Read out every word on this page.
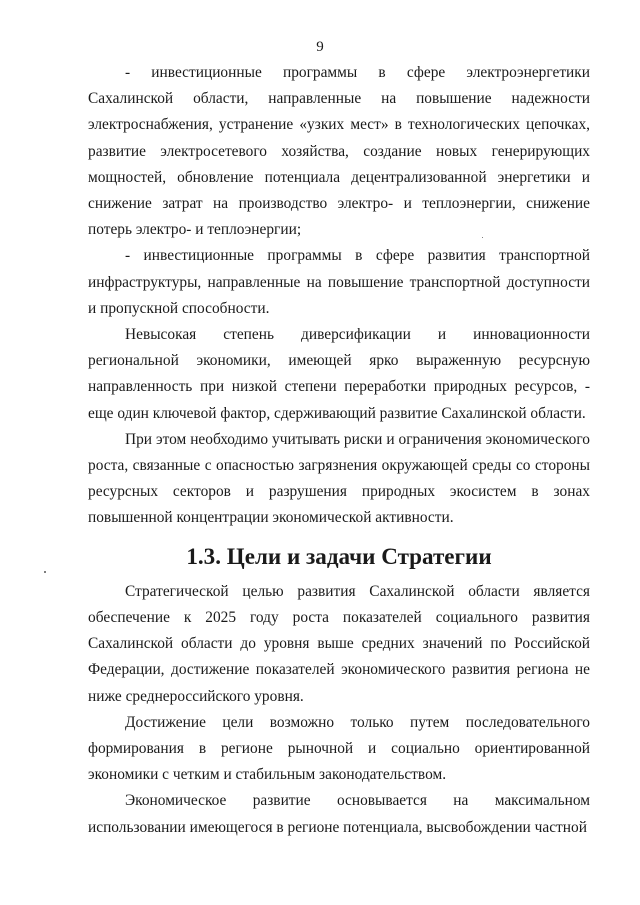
9

- инвестиционные программы в сфере электроэнергетики Сахалинской области, направленные на повышение надежности электроснабжения, устранение «узких мест» в технологических цепочках, развитие электросетевого хозяйства, создание новых генерирующих мощностей, обновление потенциала децентрализованной энергетики и снижение затрат на производство электро- и теплоэнергии, снижение потерь электро- и теплоэнергии;

- инвестиционные программы в сфере развития транспортной инфраструктуры, направленные на повышение транспортной доступности и пропускной способности.

Невысокая степень диверсификации и инновационности региональной экономики, имеющей ярко выраженную ресурсную направленность при низкой степени переработки природных ресурсов, - еще один ключевой фактор, сдерживающий развитие Сахалинской области.

При этом необходимо учитывать риски и ограничения экономического роста, связанные с опасностью загрязнения окружающей среды со стороны ресурсных секторов и разрушения природных экосистем в зонах повышенной концентрации экономической активности.

1.3. Цели и задачи Стратегии

Стратегической целью развития Сахалинской области является обеспечение к 2025 году роста показателей социального развития Сахалинской области до уровня выше средних значений по Российской Федерации, достижение показателей экономического развития региона не ниже среднероссийского уровня.

Достижение цели возможно только путем последовательного формирования в регионе рыночной и социально ориентированной экономики с четким и стабильным законодательством.

Экономическое развитие основывается на максимальном использовании имеющегося в регионе потенциала, высвобождении частной
